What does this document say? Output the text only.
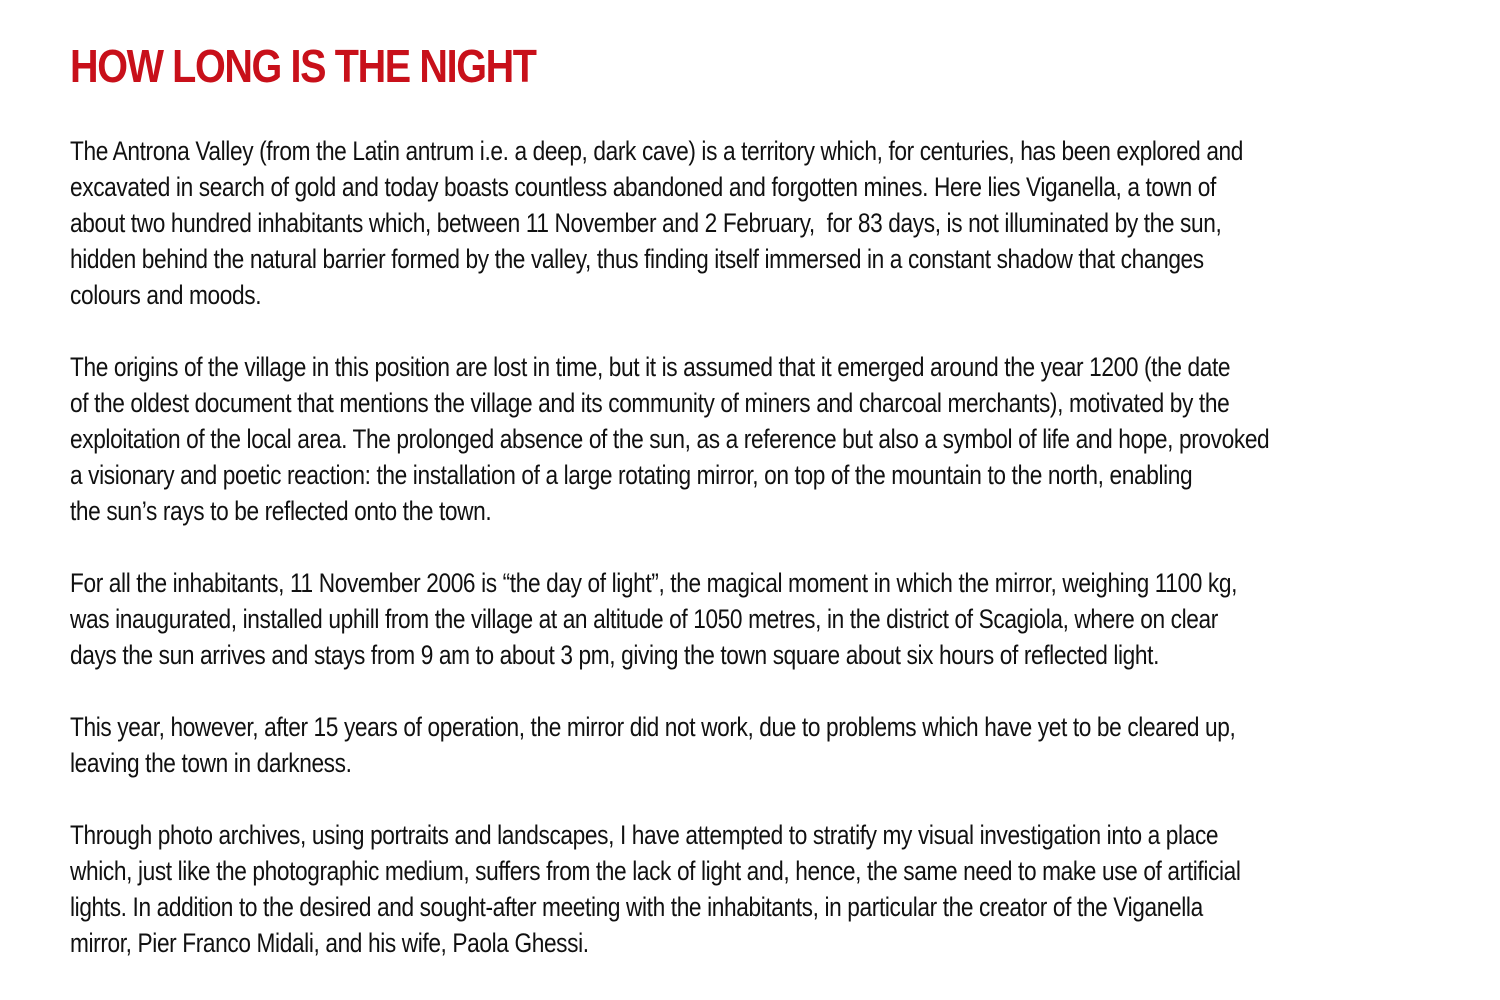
HOW LONG IS THE NIGHT
The Antrona Valley (from the Latin antrum i.e. a deep, dark cave) is a territory which, for centuries, has been explored and
excavated in search of gold and today boasts countless abandoned and forgotten mines. Here lies Viganella, a town of
about two hundred inhabitants which, between 11 November and 2 February,  for 83 days, is not illuminated by the sun,
hidden behind the natural barrier formed by the valley, thus finding itself immersed in a constant shadow that changes
colours and moods.
The origins of the village in this position are lost in time, but it is assumed that it emerged around the year 1200 (the date
of the oldest document that mentions the village and its community of miners and charcoal merchants), motivated by the
exploitation of the local area. The prolonged absence of the sun, as a reference but also a symbol of life and hope, provoked
a visionary and poetic reaction: the installation of a large rotating mirror, on top of the mountain to the north, enabling
the sun’s rays to be reflected onto the town.
For all the inhabitants, 11 November 2006 is “the day of light”, the magical moment in which the mirror, weighing 1100 kg,
was inaugurated, installed uphill from the village at an altitude of 1050 metres, in the district of Scagiola, where on clear
days the sun arrives and stays from 9 am to about 3 pm, giving the town square about six hours of reflected light.
This year, however, after 15 years of operation, the mirror did not work, due to problems which have yet to be cleared up,
leaving the town in darkness.
Through photo archives, using portraits and landscapes, I have attempted to stratify my visual investigation into a place
which, just like the photographic medium, suffers from the lack of light and, hence, the same need to make use of artificial
lights. In addition to the desired and sought-after meeting with the inhabitants, in particular the creator of the Viganella
mirror, Pier Franco Midali, and his wife, Paola Ghessi.
